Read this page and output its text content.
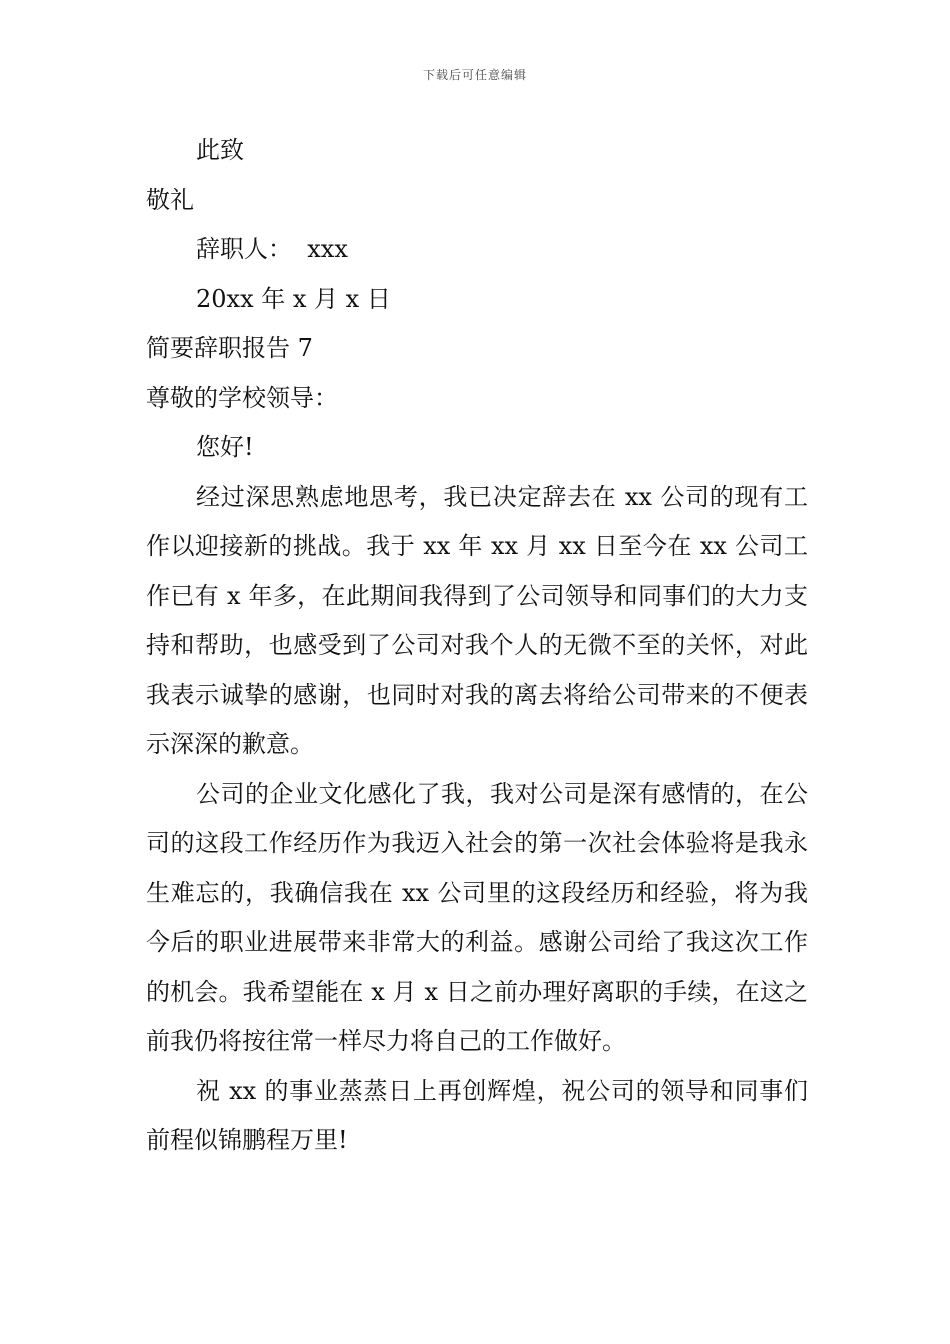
下载后可任意编辑

此致

敬礼

辞职人：  xxx

20xx 年 x 月 x 日

简要辞职报告 7

尊敬的学校领导：

您好!

经过深思熟虑地思考，我已决定辞去在 xx 公司的现有工作以迎接新的挑战。我于 xx 年 xx 月 xx 日至今在 xx 公司工作已有 x 年多，在此期间我得到了公司领导和同事们的大力支持和帮助，也感受到了公司对我个人的无微不至的关怀，对此我表示诚挚的感谢，也同时对我的离去将给公司带来的不便表示深深的歉意。

公司的企业文化感化了我，我对公司是深有感情的，在公司的这段工作经历作为我迈入社会的第一次社会体验将是我永生难忘的，我确信我在 xx 公司里的这段经历和经验，将为我今后的职业进展带来非常大的利益。感谢公司给了我这次工作的机会。我希望能在 x 月 x 日之前办理好离职的手续，在这之前我仍将按往常一样尽力将自己的工作做好。

祝 xx 的事业蒸蒸日上再创辉煌，祝公司的领导和同事们前程似锦鹏程万里!
